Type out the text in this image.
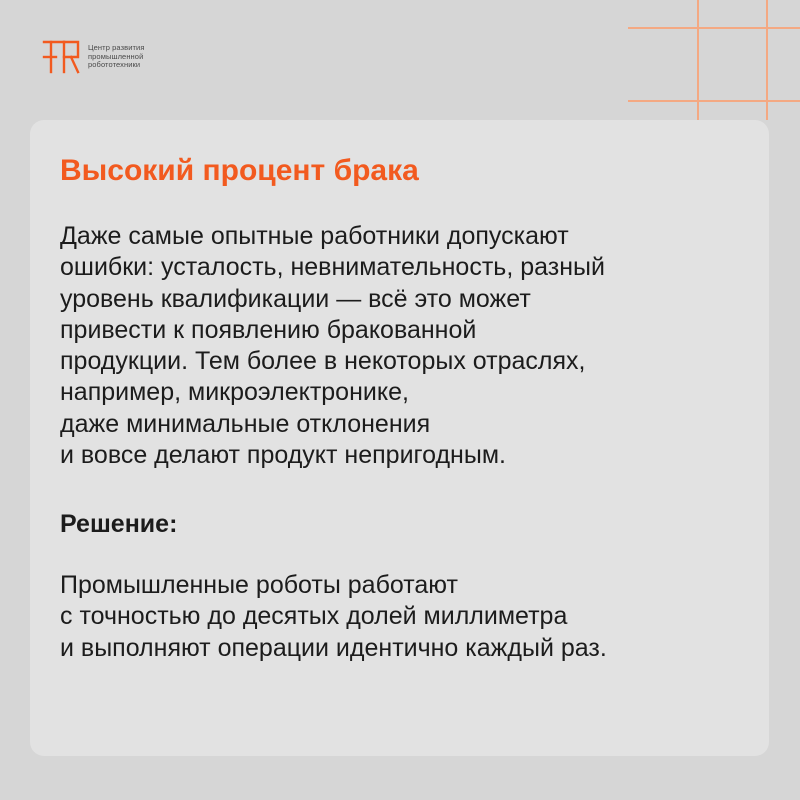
Центр развития
промышленной
робототехники
Высокий процент брака

Даже самые опытные работники допускают
ошибки: усталость, невнимательность, разный
уровень квалификации — всё это может
привести к появлению бракованной
продукции. Тем более в некоторых отраслях,
например, микроэлектронике,
даже минимальные отклонения
и вовсе делают продукт непригодным.

Решение:

Промышленные роботы работают
с точностью до десятых долей миллиметра
и выполняют операции идентично каждый раз.
